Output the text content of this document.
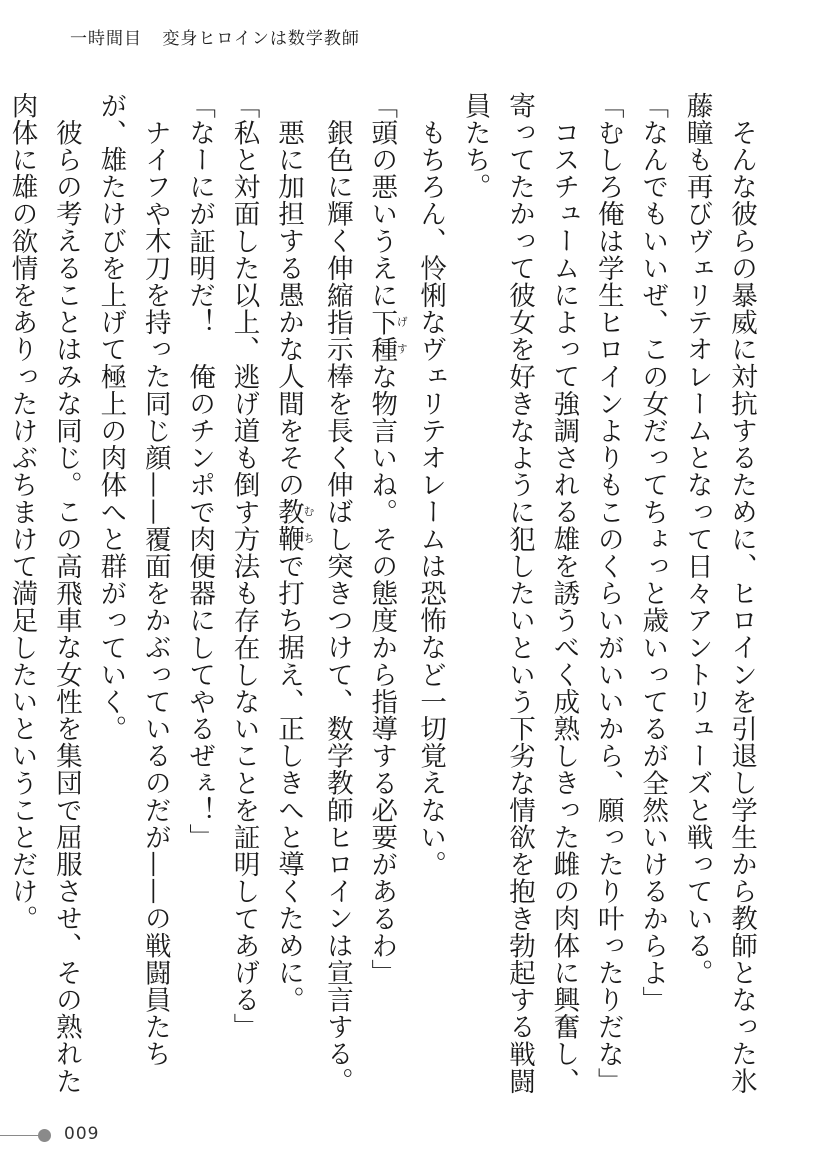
一時間目 変身ヒロインは数学教師

そんな彼らの暴威に対抗するために、ヒロインを引退し学生から教師となった氷藤瞳も再びヴェリテオレームとなって日々アントリューズと戦っている。

「なんでもいいぜ、この女だってちょっと歳いってるが全然いけるからよ」

「むしろ俺は学生ヒロインよりもこのくらいがいいから、願ったり叶ったりだな」

コスチュームによって強調される雄を誘うべく成熟しきった雌の肉体に興奮し、寄ってたかって彼女を好きなように犯したいという下劣な情欲を抱き勃起する戦闘員たち。

もちろん、怜悧なヴェリテオレームは恐怖など一切覚えない。

「頭の悪いうえに下種げすな物言いね。その態度から指導する必要があるわ」

銀色に輝く伸縮指示棒を長く伸ばし突きつけて、数学教師ヒロインは宣言する。

悪に加担する愚かな人間をその教鞭むちで打ち据え、正しきへと導くために。

「私と対面した以上、逃げ道も倒す方法も存在しないことを証明してあげる」

「なーにが証明だ！　俺のチンポで肉便器にしてやるぜぇ！」

ナイフや木刀を持った同じ顔——覆面をかぶっているのだが——の戦闘員たちが、雄たけびを上げて極上の肉体へと群がっていく。

彼らの考えることはみな同じ。この高飛車な女性を集団で屈服させ、その熟れた肉体に雄の欲情をありったけぶちまけて満足したいということだけ。

009
